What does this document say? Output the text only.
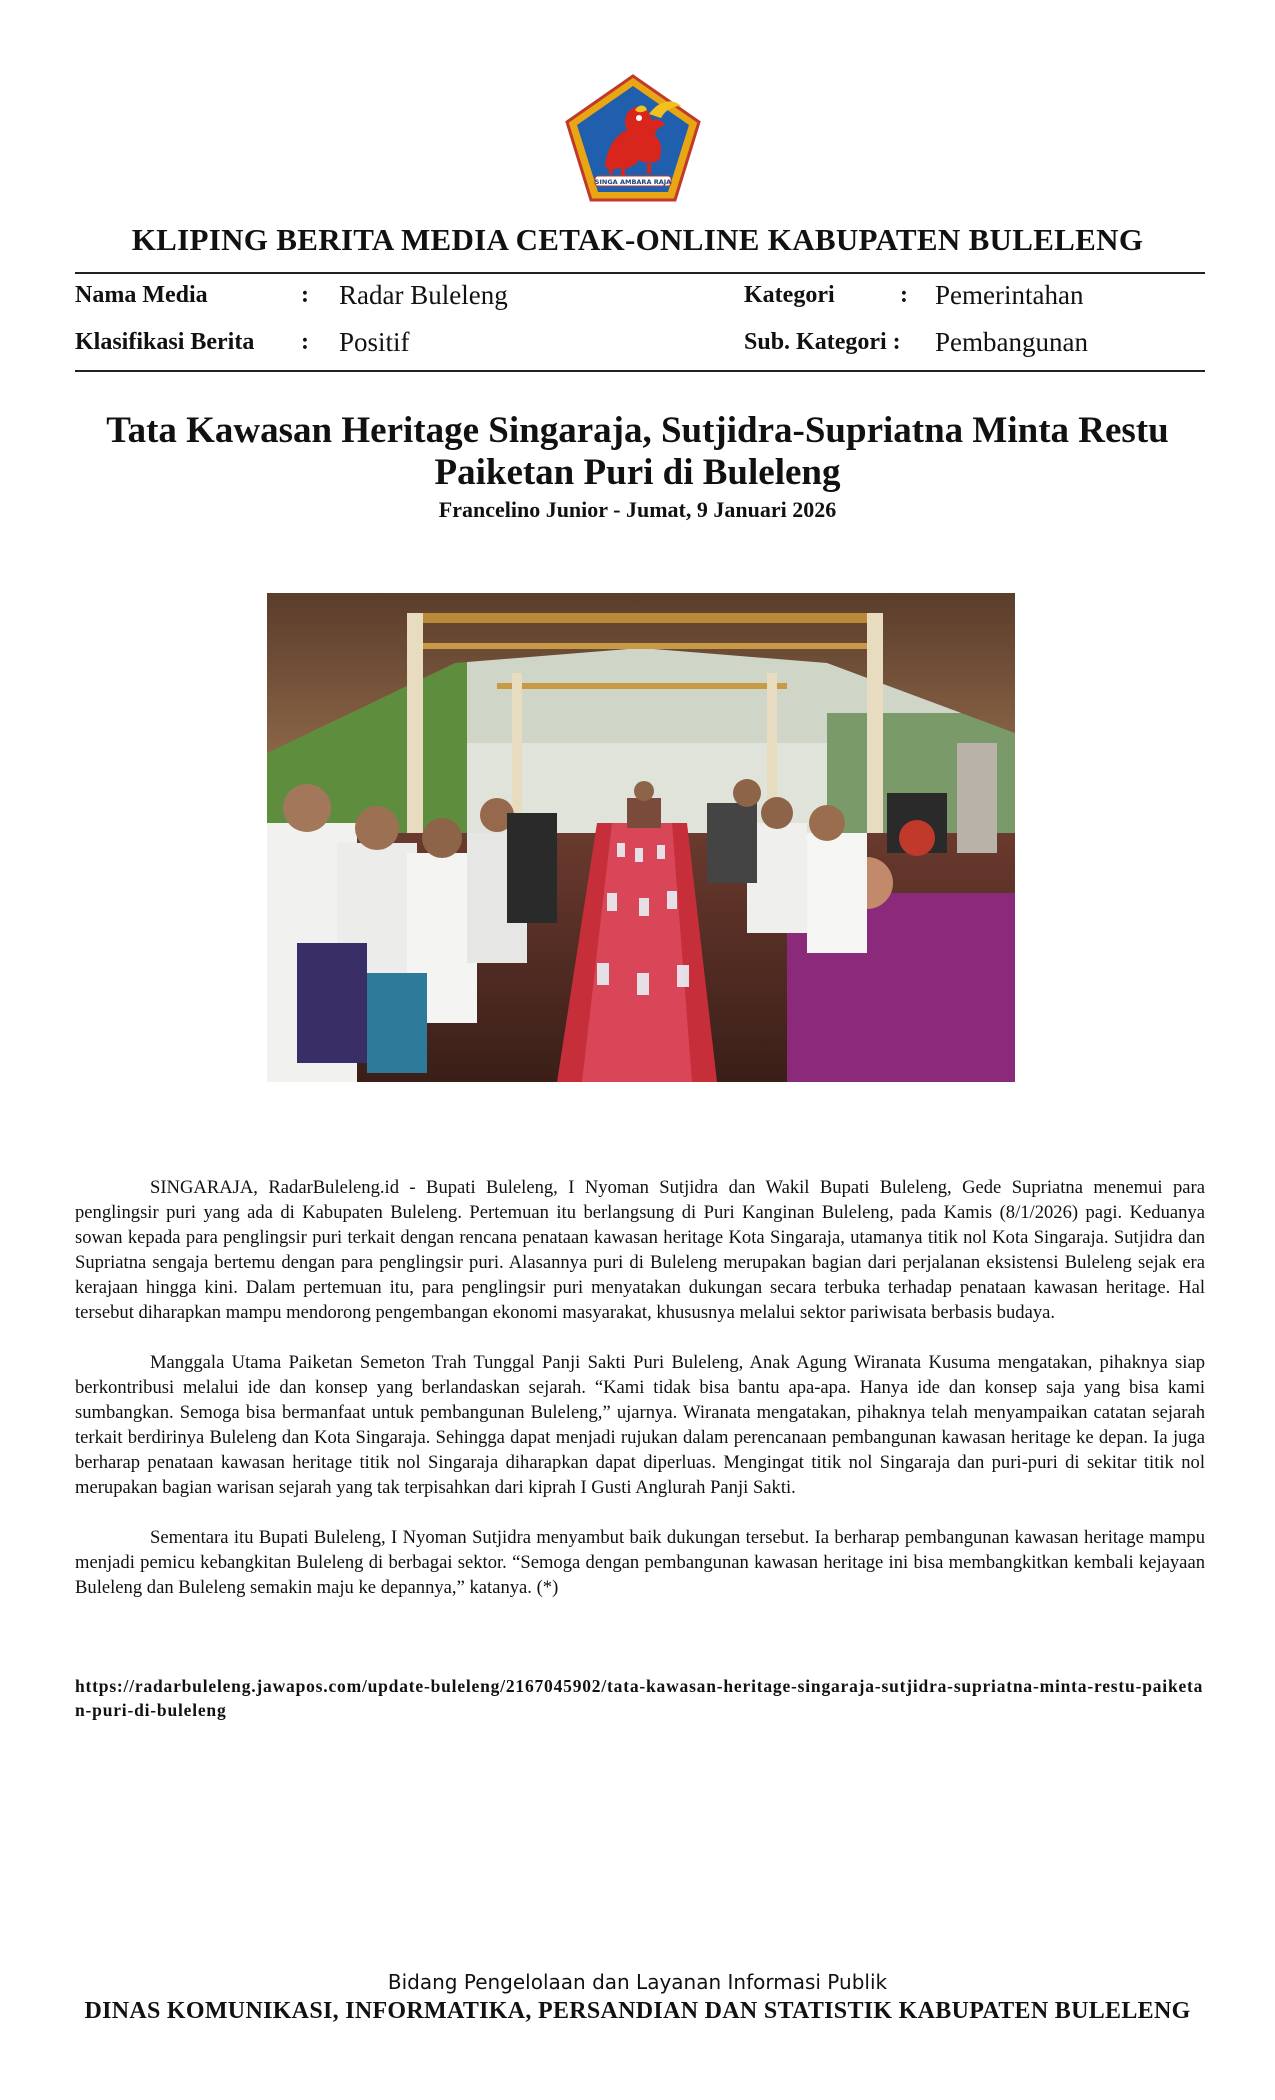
SINGA AMBARA RAJA
KLIPING BERITA MEDIA CETAK-ONLINE KABUPATEN BULELENG
Nama Media	: Radar Buleleng	Kategori	: Pemerintahan
Klasifikasi Berita : Positif	Sub. Kategori : Pembangunan
Tata Kawasan Heritage Singaraja, Sutjidra-Supriatna Minta Restu Paiketan Puri di Buleleng
Francelino Junior - Jumat, 9 Januari 2026

SINGARAJA, RadarBuleleng.id - Bupati Buleleng, I Nyoman Sutjidra dan Wakil Bupati Buleleng, Gede Supriatna menemui para penglingsir puri yang ada di Kabupaten Buleleng. Pertemuan itu berlangsung di Puri Kanginan Buleleng, pada Kamis (8/1/2026) pagi. Keduanya sowan kepada para penglingsir puri terkait dengan rencana penataan kawasan heritage Kota Singaraja, utamanya titik nol Kota Singaraja. Sutjidra dan Supriatna sengaja bertemu dengan para penglingsir puri. Alasannya puri di Buleleng merupakan bagian dari perjalanan eksistensi Buleleng sejak era kerajaan hingga kini. Dalam pertemuan itu, para penglingsir puri menyatakan dukungan secara terbuka terhadap penataan kawasan heritage. Hal tersebut diharapkan mampu mendorong pengembangan ekonomi masyarakat, khususnya melalui sektor pariwisata berbasis budaya.

Manggala Utama Paiketan Semeton Trah Tunggal Panji Sakti Puri Buleleng, Anak Agung Wiranata Kusuma mengatakan, pihaknya siap berkontribusi melalui ide dan konsep yang berlandaskan sejarah. “Kami tidak bisa bantu apa-apa. Hanya ide dan konsep saja yang bisa kami sumbangkan. Semoga bisa bermanfaat untuk pembangunan Buleleng,” ujarnya. Wiranata mengatakan, pihaknya telah menyampaikan catatan sejarah terkait berdirinya Buleleng dan Kota Singaraja. Sehingga dapat menjadi rujukan dalam perencanaan pembangunan kawasan heritage ke depan. Ia juga berharap penataan kawasan heritage titik nol Singaraja diharapkan dapat diperluas. Mengingat titik nol Singaraja dan puri-puri di sekitar titik nol merupakan bagian warisan sejarah yang tak terpisahkan dari kiprah I Gusti Anglurah Panji Sakti.

Sementara itu Bupati Buleleng, I Nyoman Sutjidra menyambut baik dukungan tersebut. Ia berharap pembangunan kawasan heritage mampu menjadi pemicu kebangkitan Buleleng di berbagai sektor. “Semoga dengan pembangunan kawasan heritage ini bisa membangkitkan kembali kejayaan Buleleng dan Buleleng semakin maju ke depannya,” katanya. (*)

https://radarbuleleng.jawapos.com/update-buleleng/2167045902/tata-kawasan-heritage-singaraja-sutjidra-supriatna-minta-restu-paiketan-puri-di-buleleng
Bidang Pengelolaan dan Layanan Informasi Publik
DINAS KOMUNIKASI, INFORMATIKA, PERSANDIAN DAN STATISTIK KABUPATEN BULELENG
